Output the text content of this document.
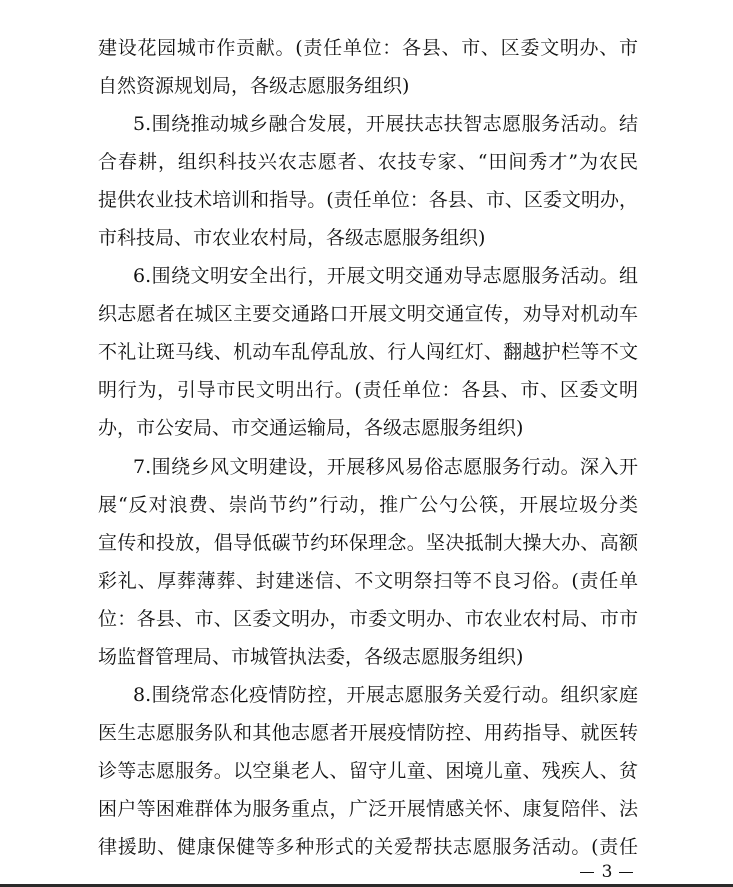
建设花园城市作贡献。(责任单位：各县、市、区委文明办、市
自然资源规划局，各级志愿服务组织)
5.围绕推动城乡融合发展，开展扶志扶智志愿服务活动。结
合春耕，组织科技兴农志愿者、农技专家、“田间秀才”为农民
提供农业技术培训和指导。(责任单位：各县、市、区委文明办，
市科技局、市农业农村局，各级志愿服务组织)
6.围绕文明安全出行，开展文明交通劝导志愿服务活动。组
织志愿者在城区主要交通路口开展文明交通宣传，劝导对机动车
不礼让斑马线、机动车乱停乱放、行人闯红灯、翻越护栏等不文
明行为，引导市民文明出行。(责任单位：各县、市、区委文明
办，市公安局、市交通运输局，各级志愿服务组织)
7.围绕乡风文明建设，开展移风易俗志愿服务行动。深入开
展“反对浪费、崇尚节约”行动，推广公勺公筷，开展垃圾分类
宣传和投放，倡导低碳节约环保理念。坚决抵制大操大办、高额
彩礼、厚葬薄葬、封建迷信、不文明祭扫等不良习俗。(责任单
位：各县、市、区委文明办，市委文明办、市农业农村局、市市
场监督管理局、市城管执法委，各级志愿服务组织)
8.围绕常态化疫情防控，开展志愿服务关爱行动。组织家庭
医生志愿服务队和其他志愿者开展疫情防控、用药指导、就医转
诊等志愿服务。以空巢老人、留守儿童、困境儿童、残疾人、贫
困户等困难群体为服务重点，广泛开展情感关怀、康复陪伴、法
律援助、健康保健等多种形式的关爱帮扶志愿服务活动。(责任
3
